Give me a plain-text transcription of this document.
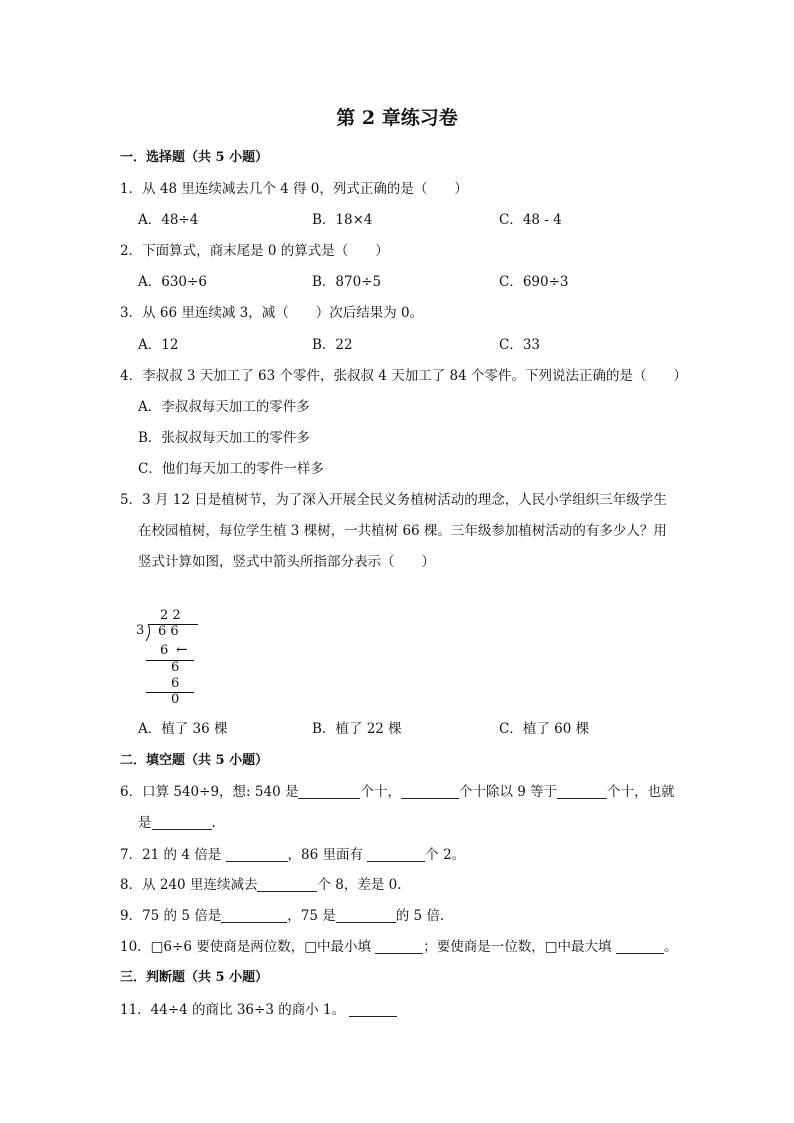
第 2 章练习卷
一．选择题（共 5 小题）
1．从 48 里连续减去几个 4 得 0，列式正确的是（　　）
A．48÷4	B．18×4	C．48 - 4
2．下面算式，商末尾是 0 的算式是（　　）
A．630÷6	B．870÷5	C．690÷3
3．从 66 里连续减 3，减（　　）次后结果为 0。
A．12	B．22	C．33
4．李叔叔 3 天加工了 63 个零件，张叔叔 4 天加工了 84 个零件。下列说法正确的是（　　）
A．李叔叔每天加工的零件多
B．张叔叔每天加工的零件多
C．他们每天加工的零件一样多
5．3 月 12 日是植树节，为了深入开展全民义务植树活动的理念，人民小学组织三年级学生
在校园植树，每位学生植 3 棵树，一共植树 66 棵。三年级参加植树活动的有多少人？用
竖式计算如图，竖式中箭头所指部分表示（　　）
2 2
3 6 6
6 ←
6
6
0
A．植了 36 棵	B．植了 22 棵	C．植了 60 棵
二．填空题（共 5 小题）
6．口算 540÷9，想: 540 是	个十，	个十除以 9 等于	个十，也就
是	.
7．21 的 4 倍是	，86 里面有	个 2。
8．从 240 里连续减去	个 8，差是 0.
9．75 的 5 倍是	，75 是	的 5 倍.
10．□6÷6 要使商是两位数，□中最小填	；要使商是一位数，□中最大填	。
三．判断题（共 5 小题）
11．44÷4 的商比 36÷3 的商小 1。
